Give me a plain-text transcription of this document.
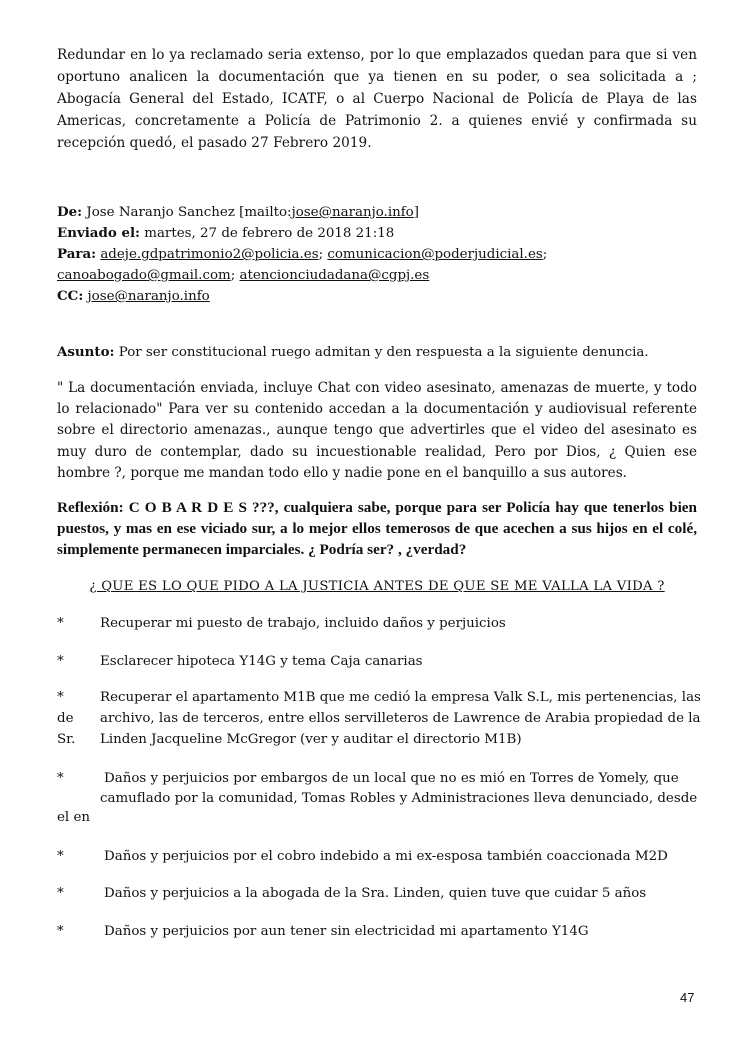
Redundar en lo ya reclamado seria extenso, por lo que emplazados quedan para que si ven oportuno analicen la documentación que ya tienen en su poder, o sea solicitada a ; Abogacía General del Estado, ICATF, o al Cuerpo Nacional de Policía de Playa de las Americas, concretamente a Policía de Patrimonio 2. a quienes envié y confirmada su recepción quedó, el pasado 27 Febrero 2019.
De: Jose Naranjo Sanchez [mailto:jose@naranjo.info]
Enviado el: martes, 27 de febrero de 2018 21:18
Para: adeje.gdpatrimonio2@policia.es; comunicacion@poderjudicial.es;
canoabogado@gmail.com; atencionciudadana@cgpj.es
CC: jose@naranjo.info
Asunto: Por ser constitucional ruego admitan y den respuesta a la siguiente denuncia.
" La documentación enviada, incluye Chat con video asesinato, amenazas de muerte, y todo lo relacionado" Para ver su contenido accedan a la documentación y audiovisual referente sobre el directorio amenazas., aunque tengo que advertirles que el video del asesinato es muy duro de contemplar, dado su incuestionable realidad, Pero por Dios, ¿ Quien ese hombre ?, porque me mandan todo ello y nadie pone en el banquillo a sus autores.
Reflexión: C O B A R D E S ???, cualquiera sabe, porque para ser Policía hay que tenerlos bien puestos, y mas en ese viciado sur, a lo mejor ellos temerosos de que acechen a sus hijos en el colé, simplemente permanecen imparciales. ¿ Podría ser? , ¿verdad?
¿ QUE ES LO QUE PIDO A LA JUSTICIA ANTES DE QUE SE ME VALLA LA VIDA ?
*	Recuperar mi puesto de trabajo, incluido daños y perjuicios
*	Esclarecer hipoteca Y14G y tema Caja canarias
*	Recuperar el apartamento M1B que me cedió la empresa Valk S.L, mis pertenencias, las
de	archivo, las de terceros, entre ellos servilleteros de Lawrence de Arabia propiedad de la
Sr.	Linden Jacqueline McGregor (ver y auditar el directorio M1B)
*	Daños y perjuicios por embargos de un local que no es mió en Torres de Yomely, que
camuflado por la comunidad, Tomas Robles y Administraciones lleva denunciado, desde
el en
*	Daños y perjuicios por el cobro indebido a mi ex-esposa también coaccionada M2D
*	Daños y perjuicios a la abogada de la Sra. Linden, quien tuve que cuidar 5 años
*	Daños y perjuicios por aun tener sin electricidad mi apartamento Y14G
47
